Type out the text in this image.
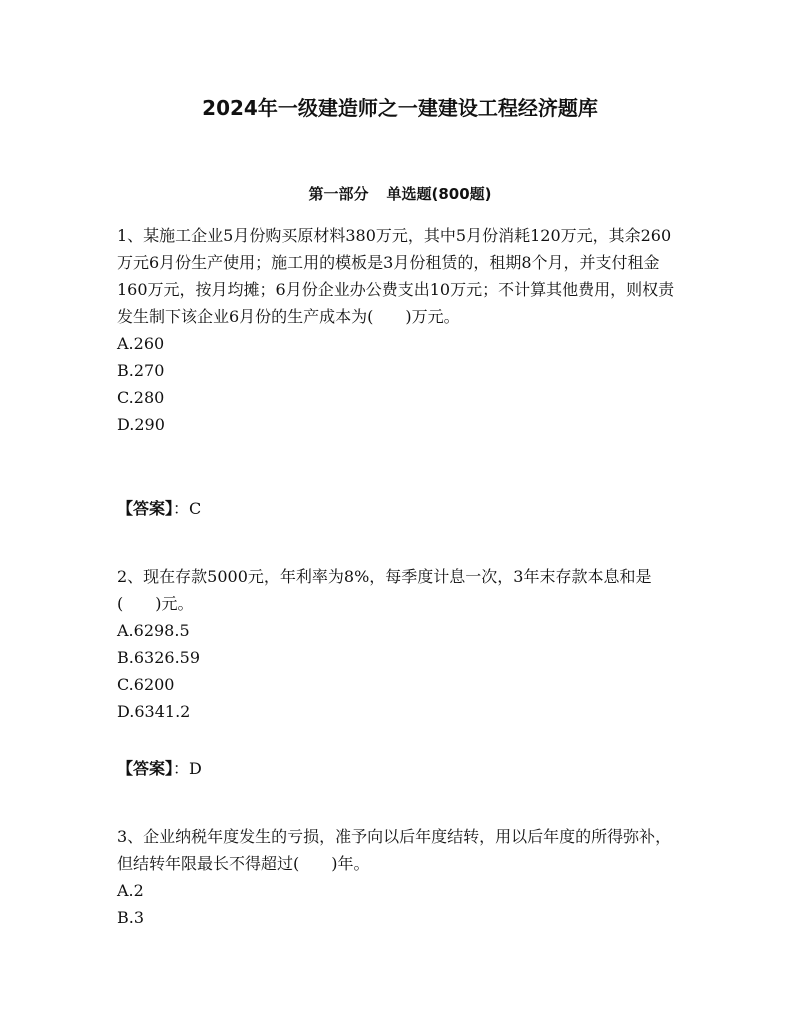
2024年一级建造师之一建建设工程经济题库
第一部分 单选题(800题)

1、某施工企业5月份购买原材料380万元，其中5月份消耗120万元，其余260万元6月份生产使用；施工用的模板是3月份租赁的，租期8个月，并支付租金160万元，按月均摊；6月份企业办公费支出10万元；不计算其他费用，则权责发生制下该企业6月份的生产成本为(　　)万元。

A.260

B.270

C.280

D.290

【答案】：C

2、现在存款5000元，年利率为8%，每季度计息一次，3年末存款本息和是(　　)元。

A.6298.5

B.6326.59

C.6200

D.6341.2

【答案】：D

3、企业纳税年度发生的亏损，准予向以后年度结转，用以后年度的所得弥补，但结转年限最长不得超过(　　)年。

A.2

B.3
